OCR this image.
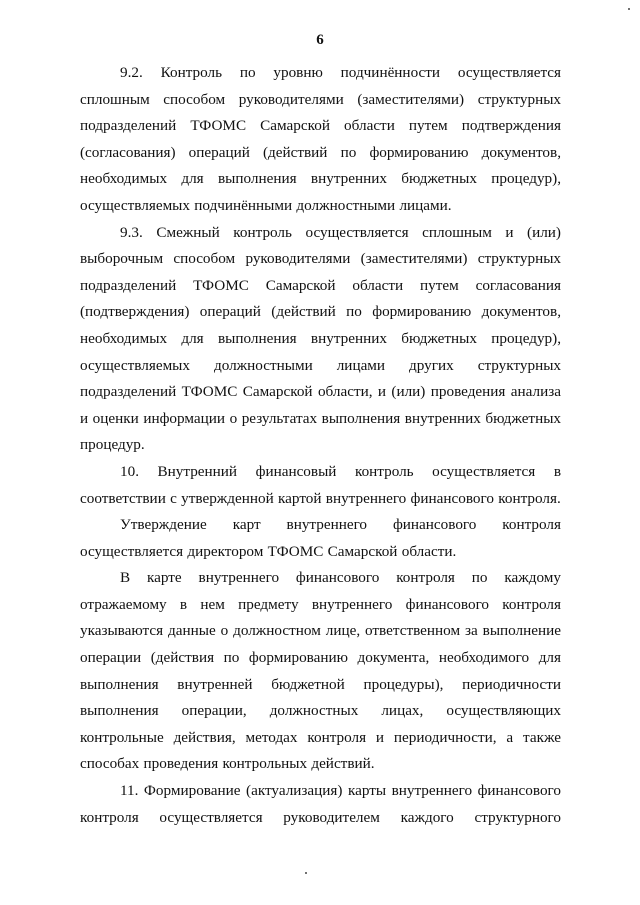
6

9.2. Контроль по уровню подчинённости осуществляется сплошным способом руководителями (заместителями) структурных подразделений ТФОМС Самарской области путем подтверждения (согласования) операций (действий по формированию документов, необходимых для выполнения внутренних бюджетных процедур), осуществляемых подчинёнными должностными лицами.

9.3. Смежный контроль осуществляется сплошным и (или) выборочным способом руководителями (заместителями) структурных подразделений ТФОМС Самарской области путем согласования (подтверждения) операций (действий по формированию документов, необходимых для выполнения внутренних бюджетных процедур), осуществляемых должностными лицами других структурных подразделений ТФОМС Самарской области, и (или) проведения анализа и оценки информации о результатах выполнения внутренних бюджетных процедур.

10. Внутренний финансовый контроль осуществляется в соответствии с утвержденной картой внутреннего финансового контроля.

Утверждение карт внутреннего финансового контроля осуществляется директором ТФОМС Самарской области.

В карте внутреннего финансового контроля по каждому отражаемому в нем предмету внутреннего финансового контроля указываются данные о должностном лице, ответственном за выполнение операции (действия по формированию документа, необходимого для выполнения внутренней бюджетной процедуры), периодичности выполнения операции, должностных лицах, осуществляющих контрольные действия, методах контроля и периодичности, а также способах проведения контрольных действий.

11. Формирование (актуализация) карты внутреннего финансового контроля осуществляется руководителем каждого структурного
